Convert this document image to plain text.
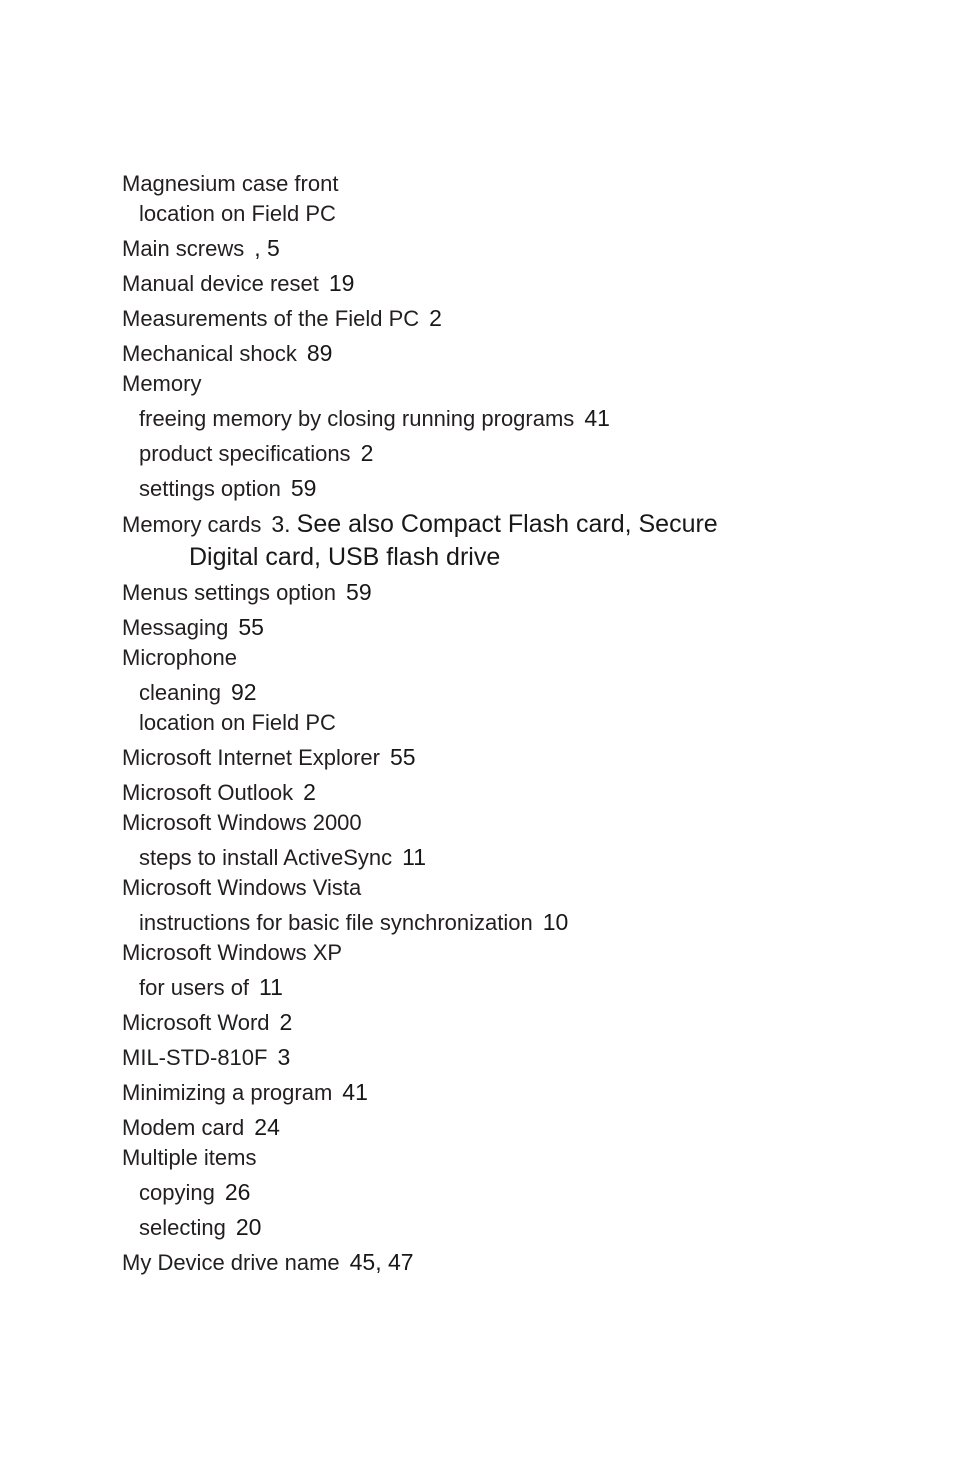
Magnesium case front
location on Field PC
Main screws , 5
Manual device reset 19
Measurements of the Field PC 2
Mechanical shock 89
Memory
freeing memory by closing running programs 41
product specifications 2
settings option 59
Memory cards 3. See also Compact Flash card, Secure
Digital card, USB flash drive
Menus settings option 59
Messaging 55
Microphone
cleaning 92
location on Field PC
Microsoft Internet Explorer 55
Microsoft Outlook 2
Microsoft Windows 2000
steps to install ActiveSync 11
Microsoft Windows Vista
instructions for basic file synchronization 10
Microsoft Windows XP
for users of 11
Microsoft Word 2
MIL-STD-810F 3
Minimizing a program 41
Modem card 24
Multiple items
copying 26
selecting 20
My Device drive name 45, 47
